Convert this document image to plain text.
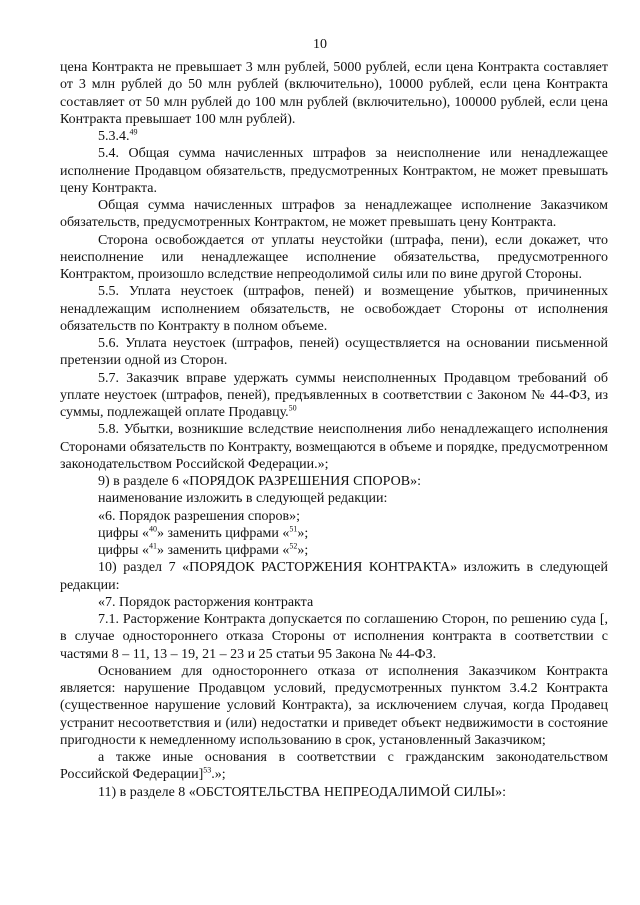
10

цена Контракта не превышает 3 млн рублей, 5000 рублей, если цена Контракта составляет от 3 млн рублей до 50 млн рублей (включительно), 10000 рублей, если цена Контракта составляет от 50 млн рублей до 100 млн рублей (включительно), 100000 рублей, если цена Контракта превышает 100 млн рублей).

5.3.4.49

5.4. Общая сумма начисленных штрафов за неисполнение или ненадлежащее исполнение Продавцом обязательств, предусмотренных Контрактом, не может превышать цену Контракта.

Общая сумма начисленных штрафов за ненадлежащее исполнение Заказчиком обязательств, предусмотренных Контрактом, не может превышать цену Контракта.

Сторона освобождается от уплаты неустойки (штрафа, пени), если докажет, что неисполнение или ненадлежащее исполнение обязательства, предусмотренного Контрактом, произошло вследствие непреодолимой силы или по вине другой Стороны.

5.5. Уплата неустоек (штрафов, пеней) и возмещение убытков, причиненных ненадлежащим исполнением обязательств, не освобождает Стороны от исполнения обязательств по Контракту в полном объеме.

5.6. Уплата неустоек (штрафов, пеней) осуществляется на основании письменной претензии одной из Сторон.

5.7. Заказчик вправе удержать суммы неисполненных Продавцом требований об уплате неустоек (штрафов, пеней), предъявленных в соответствии с Законом № 44-ФЗ, из суммы, подлежащей оплате Продавцу.$^{50}$

5.8. Убытки, возникшие вследствие неисполнения либо ненадлежащего исполнения Сторонами обязательств по Контракту, возмещаются в объеме и порядке, предусмотренном законодательством Российской Федерации.»;

9) в разделе 6 «ПОРЯДОК РАЗРЕШЕНИЯ СПОРОВ»:

наименование изложить в следующей редакции:

«6. Порядок разрешения споров»;

цифры «$^{40}$» заменить цифрами «$^{51}$»;

цифры «$^{41}$» заменить цифрами «$^{52}$»;

10) раздел 7 «ПОРЯДОК РАСТОРЖЕНИЯ КОНТРАКТА» изложить в следующей редакции:

«7. Порядок расторжения контракта

7.1. Расторжение Контракта допускается по соглашению Сторон, по решению суда [, в случае одностороннего отказа Стороны от исполнения контракта в соответствии с частями 8 – 11, 13 – 19, 21 – 23 и 25 статьи 95 Закона № 44-ФЗ.

Основанием для одностороннего отказа от исполнения Заказчиком Контракта является: нарушение Продавцом условий, предусмотренных пунктом 3.4.2 Контракта (существенное нарушение условий Контракта), за исключением случая, когда Продавец устранит несоответствия и (или) недостатки и приведет объект недвижимости в состояние пригодности к немедленному использованию в срок, установленный Заказчиком;

а также иные основания в соответствии с гражданским законодательством Российской Федерации]$^{53}$.»;

11) в разделе 8 «ОБСТОЯТЕЛЬСТВА НЕПРЕОДАЛИМОЙ СИЛЫ»:
